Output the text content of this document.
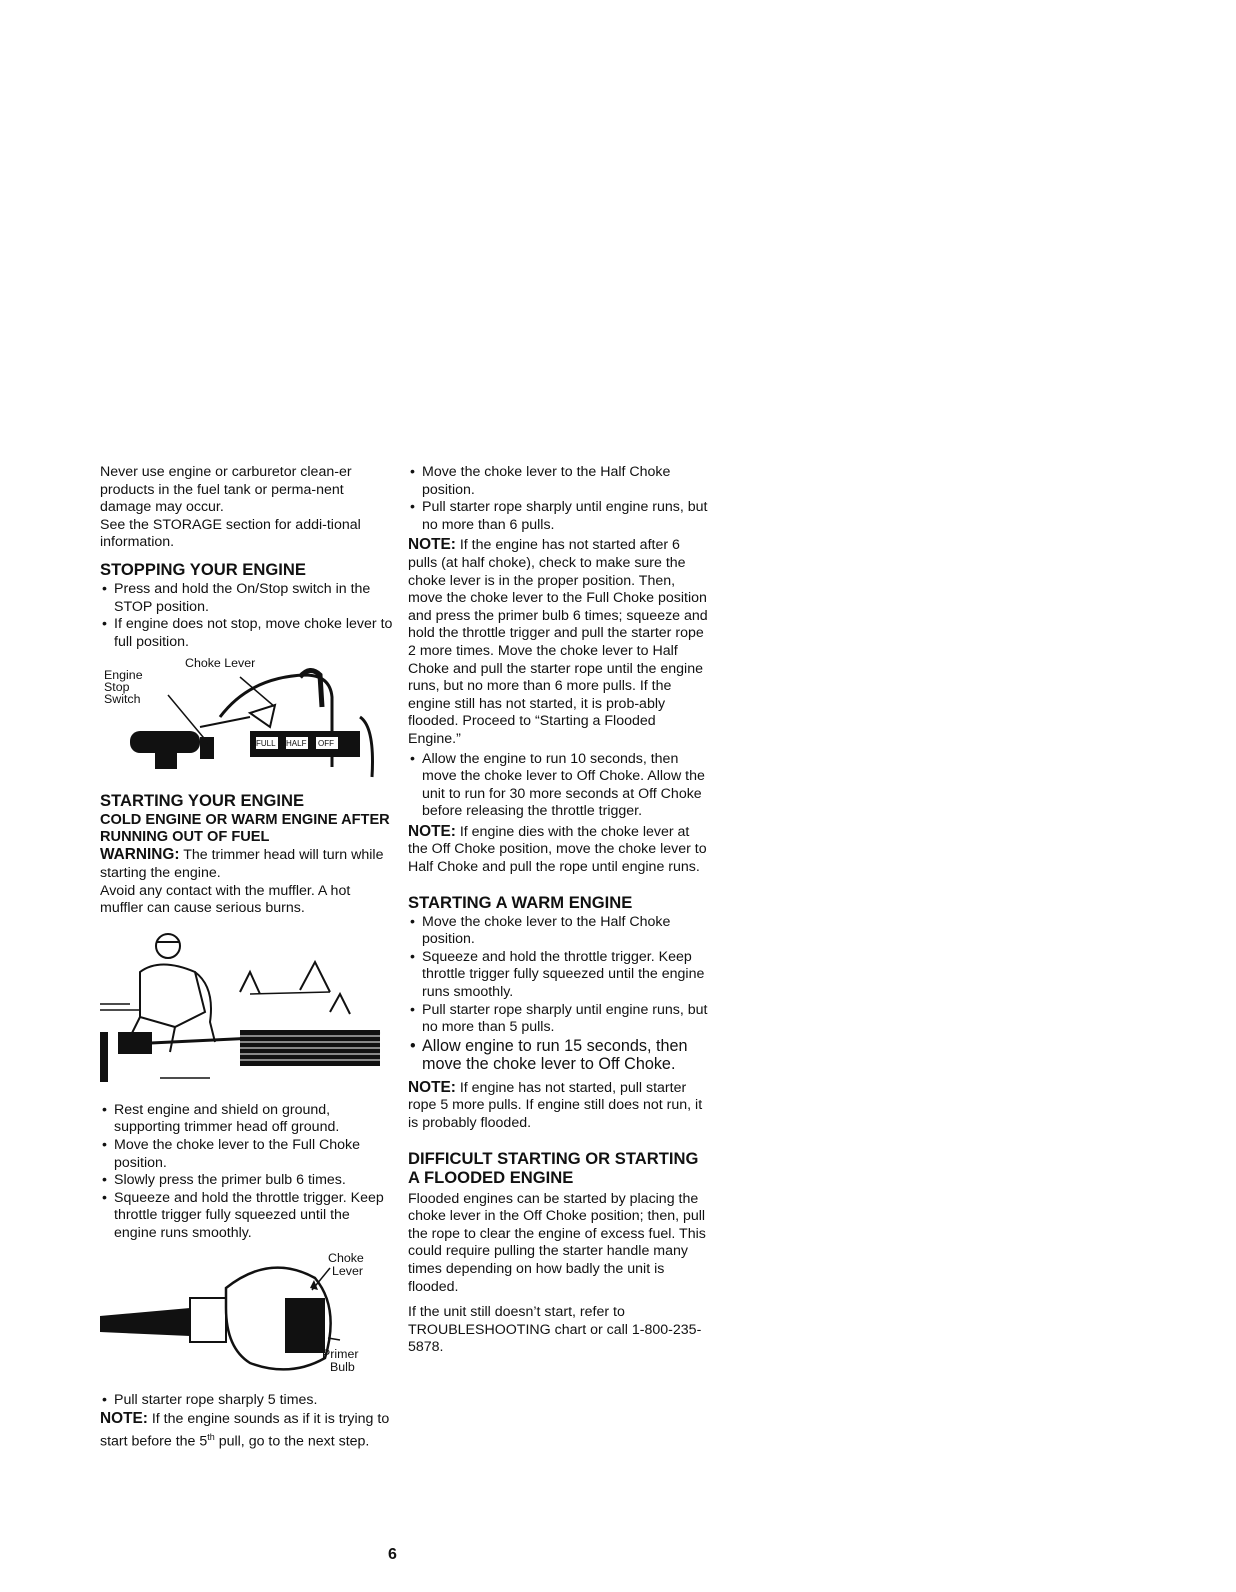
Never use engine or carburetor clean-er products in the fuel tank or perma-nent damage may occur.

See the STORAGE section for addi-tional information.

STOPPING YOUR ENGINE
• Press and hold the On/Stop switch in the STOP position.
• If engine does not stop, move choke lever to full position.
Choke Lever
Engine
Stop
Switch
FULL HALF OFF
STARTING YOUR ENGINE
COLD ENGINE OR WARM ENGINE AFTER RUNNING OUT OF FUEL

WARNING: The trimmer head will turn while starting the engine.

Avoid any contact with the muffler. A hot muffler can cause serious burns.

• Rest engine and shield on ground, supporting trimmer head off ground.
• Move the choke lever to the Full Choke position.
• Slowly press the primer bulb 6 times.
• Squeeze and hold the throttle trigger. Keep throttle trigger fully squeezed until the engine runs smoothly.
Choke
Lever
Primer
Bulb
• Pull starter rope sharply 5 times.

NOTE: If the engine sounds as if it is trying to start before the 5th pull, go to the next step.

• Move the choke lever to the Half Choke position.
• Pull starter rope sharply until engine runs, but no more than 6 pulls.

NOTE: If the engine has not started after 6 pulls (at half choke), check to make sure the choke lever is in the proper position. Then, move the choke lever to the Full Choke position and press the primer bulb 6 times; squeeze and hold the throttle trigger and pull the starter rope 2 more times. Move the choke lever to Half Choke and pull the starter rope until the engine runs, but no more than 6 more pulls. If the engine still has not started, it is prob-ably flooded. Proceed to “Starting a Flooded Engine.”

• Allow the engine to run 10 seconds, then move the choke lever to Off Choke. Allow the unit to run for 30 more seconds at Off Choke before releasing the throttle trigger.

NOTE: If engine dies with the choke lever at the Off Choke position, move the choke lever to Half Choke and pull the rope until engine runs.

STARTING A WARM ENGINE
• Move the choke lever to the Half Choke position.
• Squeeze and hold the throttle trigger. Keep throttle trigger fully squeezed until the engine runs smoothly.
• Pull starter rope sharply until engine runs, but no more than 5 pulls.
• Allow engine to run 15 seconds, then move the choke lever to Off Choke.

NOTE: If engine has not started, pull starter rope 5 more pulls. If engine still does not run, it is probably flooded.

DIFFICULT STARTING OR STARTING A FLOODED ENGINE

Flooded engines can be started by placing the choke lever in the Off Choke position; then, pull the rope to clear the engine of excess fuel. This could require pulling the starter handle many times depending on how badly the unit is flooded.

If the unit still doesn’t start, refer to TROUBLESHOOTING chart or call 1-800-235-5878.

6
